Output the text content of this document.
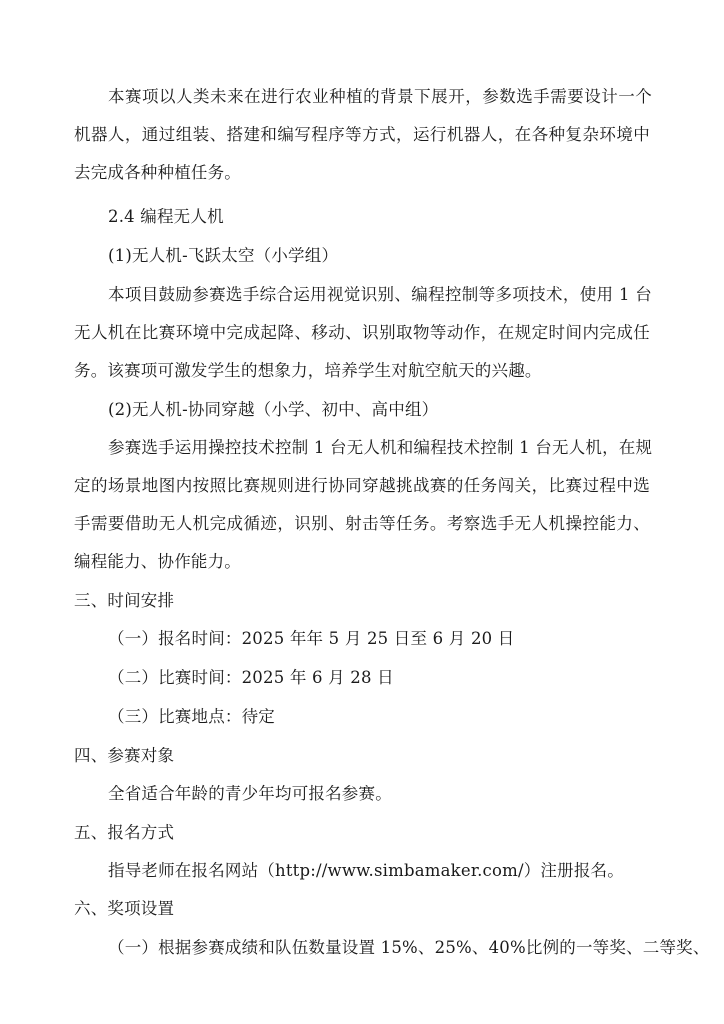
本赛项以人类未来在进行农业种植的背景下展开，参数选手需要设计一个
机器人，通过组装、搭建和编写程序等方式，运行机器人，在各种复杂环境中
去完成各种种植任务。
2.4 编程无人机
(1)无人机-飞跃太空（小学组）
本项目鼓励参赛选手综合运用视觉识别、编程控制等多项技术，使用 1 台
无人机在比赛环境中完成起降、移动、识别取物等动作，在规定时间内完成任
务。该赛项可激发学生的想象力，培养学生对航空航天的兴趣。
(2)无人机-协同穿越（小学、初中、高中组）
参赛选手运用操控技术控制 1 台无人机和编程技术控制 1 台无人机，在规
定的场景地图内按照比赛规则进行协同穿越挑战赛的任务闯关，比赛过程中选
手需要借助无人机完成循迹，识别、射击等任务。考察选手无人机操控能力、
编程能力、协作能力。
三、时间安排
（一）报名时间：2025 年年 5 月 25 日至 6 月 20 日
（二）比赛时间：2025 年 6 月 28 日
（三）比赛地点：待定
四、参赛对象
全省适合年龄的青少年均可报名参赛。
五、报名方式
指导老师在报名网站（http://www.simbamaker.com/）注册报名。
六、奖项设置
（一）根据参赛成绩和队伍数量设置 15%、25%、40%比例的一等奖、二等奖、
